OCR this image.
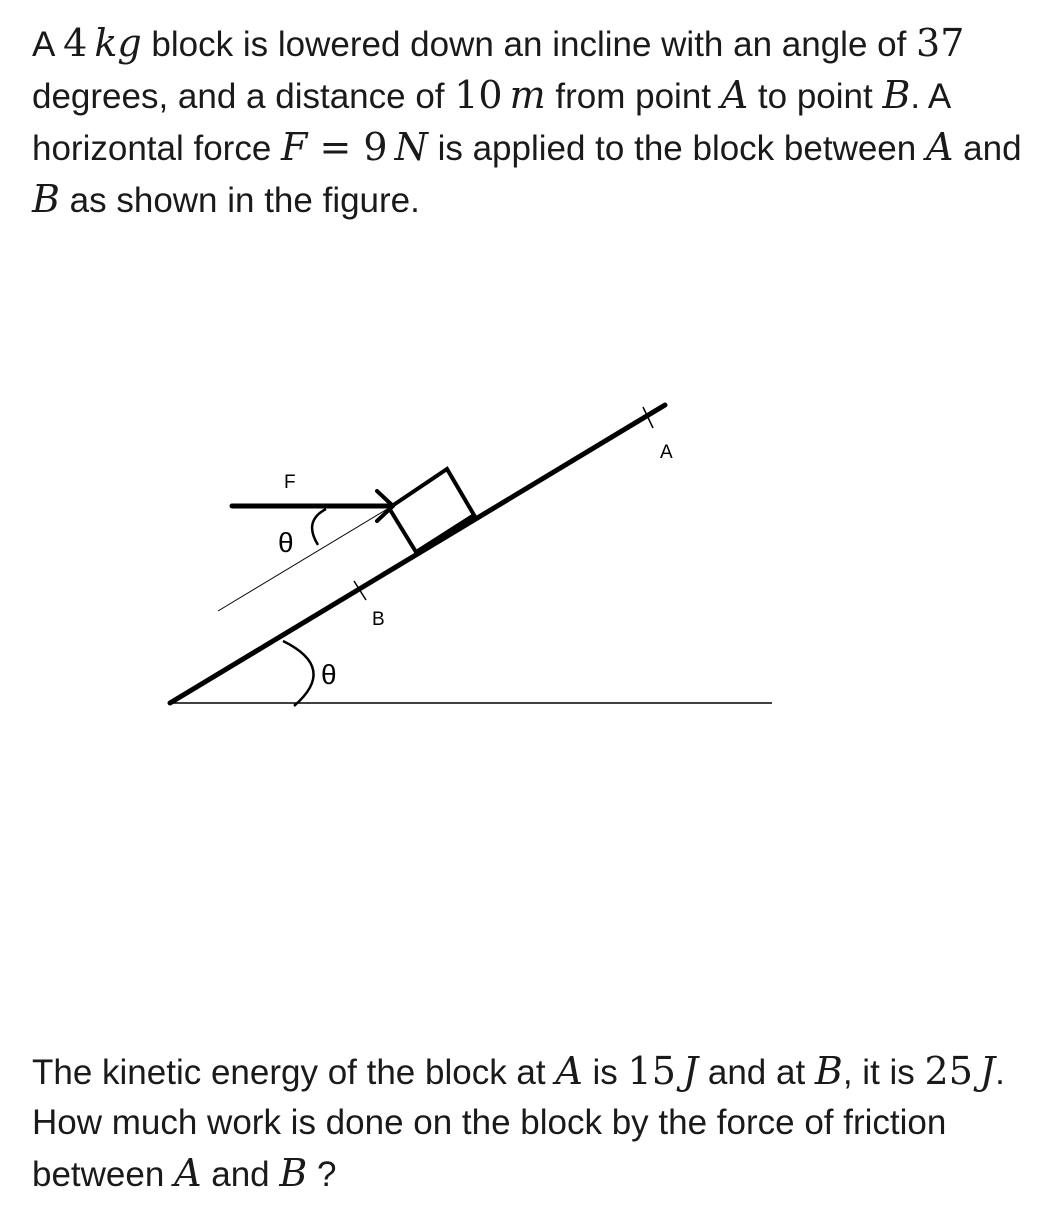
A 4  kg block is lowered down an incline with an angle of 37 degrees, and a distance of 10  m from point A to point B. A horizontal force F = 9  N is applied to the block between A and B as shown in the figure.

F
θ
A
B
θ

The kinetic energy of the block at A is 15  J and at B, it is 25  J. How much work is done on the block by the force of friction between A and B ?
